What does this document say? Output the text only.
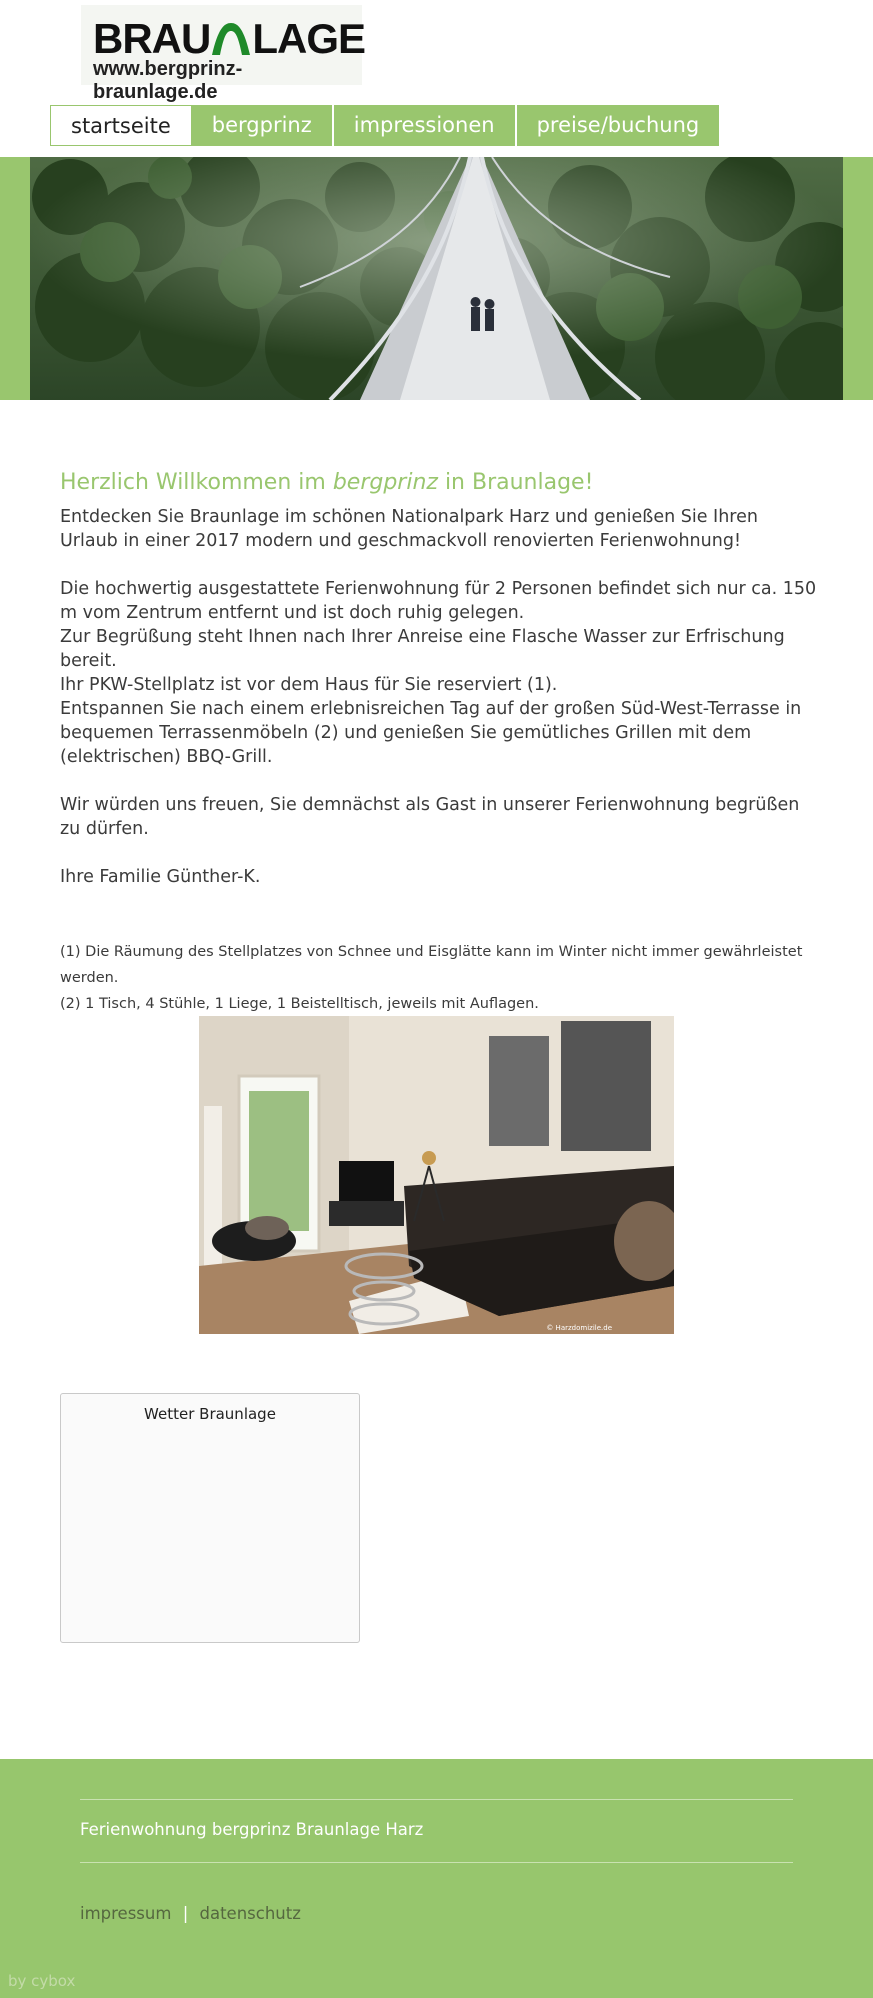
BRAU LAGE
www.bergprinz-braunlage.de
startseite	bergprinz	impressionen	preise/buchung
Herzlich Willkommen im bergprinz in Braunlage!

Entdecken Sie Braunlage im schönen Nationalpark Harz und genießen Sie Ihren Urlaub in einer 2017 modern und geschmackvoll renovierten Ferienwohnung!

Die hochwertig ausgestattete Ferienwohnung für 2 Personen befindet sich nur ca. 150 m vom Zentrum entfernt und ist doch ruhig gelegen.

Zur Begrüßung steht Ihnen nach Ihrer Anreise eine Flasche Wasser zur Erfrischung bereit.

Ihr PKW-Stellplatz ist vor dem Haus für Sie reserviert (1).

Entspannen Sie nach einem erlebnisreichen Tag auf der großen Süd-West-Terrasse in bequemen Terrassenmöbeln (2) und genießen Sie gemütliches Grillen mit dem (elektrischen) BBQ-Grill.

Wir würden uns freuen, Sie demnächst als Gast in unserer Ferienwohnung begrüßen zu dürfen.

Ihre Familie Günther-K.

(1) Die Räumung des Stellplatzes von Schnee und Eisglätte kann im Winter nicht immer gewährleistet werden.
(2) 1 Tisch, 4 Stühle, 1 Liege, 1 Beistelltisch, jeweils mit Auflagen.
© Harzdomizile.de
Wetter Braunlage
Ferienwohnung bergprinz Braunlage Harz
impressum | datenschutz
by cybox
